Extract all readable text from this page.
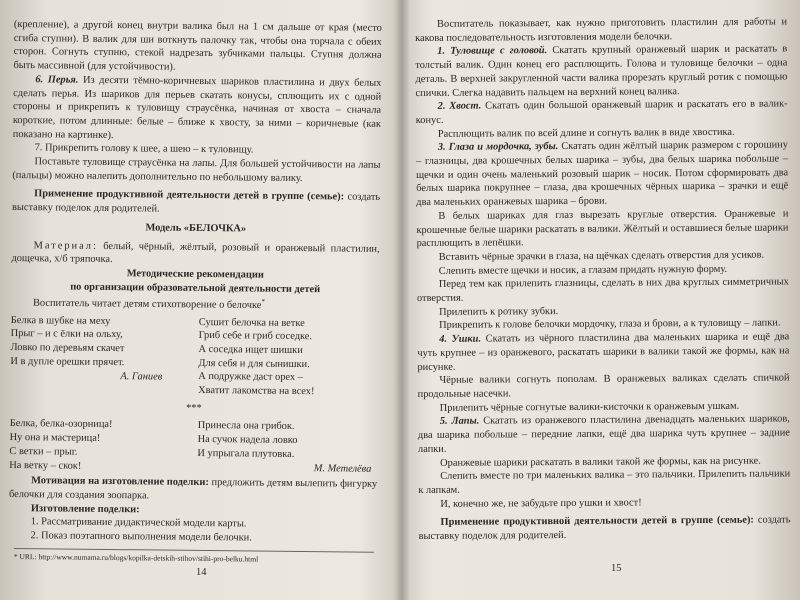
(крепление), а другой конец внутри валика был на 1 см дальше от края (место сгиба ступни). В валик для ши воткнуть палочку так, чтобы она торчала с обеих сторон. Согнуть ступню, стекой надрезать зубчиками пальцы. Ступня должна быть массивной (для устойчивости).

6. Перья. Из десяти тёмно-коричневых шариков пластилина и двух белых сделать перья. Из шариков для перьев скатать конусы, сплющить их с одной стороны и прикрепить к туловищу страусёнка, начиная от хвоста – сначала короткие, потом длинные: белые – ближе к хвосту, за ними – коричневые (как показано на картинке).

7. Прикрепить голову к шее, а шею – к туловищу.

Поставьте туловище страусёнка на лапы. Для большей устойчивости на лапы (пальцы) можно налепить дополнительно по небольшому валику.

Применение продуктивной деятельности детей в группе (семье): создать выставку поделок для родителей.

Модель «БЕЛОЧКА»

Материал: белый, чёрный, жёлтый, розовый и оранжевый пластилин, дощечка, х/б тряпочка.

Методические рекомендации

по организации образовательной деятельности детей

Воспитатель читает детям стихотворение о белочке*

Белка в шубке на меху
Прыг – и с ёлки на ольху,
Ловко по деревьям скачет
И в дупле орешки прячет.
А. Ганиев
Сушит белочка на ветке
Гриб себе и гриб соседке.
А соседка ищет шишки
Для себя и для сынишки.
А подружке даст орех –
Хватит лакомства на всех!
***
Белка, белка-озорница!
Ну она и мастерица!
С ветки – прыг.
На ветку – скок!
Принесла она грибок.
На сучок надела ловко
И упрыгала плутовка.
М. Метелёва

Мотивация на изготовление поделки: предложить детям вылепить фигурку белочки для создания зоопарка.

Изготовление поделки:

1. Рассматривание дидактической модели карты.

2. Показ поэтапного выполнения модели белочки.

* URL: http://www.numama.ru/blogs/kopilka-detskih-stihov/stihi-pro-belku.html
14

Воспитатель показывает, как нужно приготовить пластилин для работы и какова последовательность изготовления модели белочки.

1. Туловище с головой. Скатать крупный оранжевый шарик и раскатать в толстый валик. Один конец его расплющить. Голова и туловище белочки – одна деталь. В верхней закругленной части валика прорезать круглый ротик с помощью спички. Слегка надавить пальцем на верхний конец валика.

2. Хвост. Скатать один большой оранжевый шарик и раскатать его в валик-конус.

Расплющить валик по всей длине и согнуть валик в виде хвостика.

3. Глаза и мордочка, зубы. Скатать один жёлтый шарик размером с горошину – глазницы, два крошечных белых шарика – зубы, два белых шарика побольше – щечки и один очень маленький розовый шарик – носик. Потом сформировать два белых шарика покрупнее – глаза, два крошечных чёрных шарика – зрачки и ещё два маленьких оранжевых шарика – брови.

В белых шариках для глаз вырезать круглые отверстия. Оранжевые и крошечные белые шарики раскатать в валики. Жёлтый и оставшиеся белые шарики расплющить в лепёшки.

Вставить чёрные зрачки в глаза, на щёчках сделать отверстия для усиков.

Слепить вместе щечки и носик, а глазам придать нужную форму.

Перед тем как прилепить глазницы, сделать в них два круглых симметричных отверстия.

Прилепить к ротику зубки.

Прикрепить к голове белочки мордочку, глаза и брови, а к туловищу – лапки.

4. Ушки. Скатать из чёрного пластилина два маленьких шарика и ещё два чуть крупнее – из оранжевого, раскатать шарики в валики такой же формы, как на рисунке.

Чёрные валики согнуть пополам. В оранжевых валиках сделать спичкой продольные насечки.

Прилепить чёрные согнутые валики-кисточки к оранжевым ушкам.

5. Лапы. Скатать из оранжевого пластилина двенадцать маленьких шариков, два шарика побольше – передние лапки, ещё два шарика чуть крупнее – задние лапки.

Оранжевые шарики раскатать в валики такой же формы, как на рисунке.

Слепить вместе по три маленьких валика – это пальчики. Прилепить пальчики к лапкам.

И, конечно же, не забудьте про ушки и хвост!

Применение продуктивной деятельности детей в группе (семье): создать выставку поделок для родителей.

15
